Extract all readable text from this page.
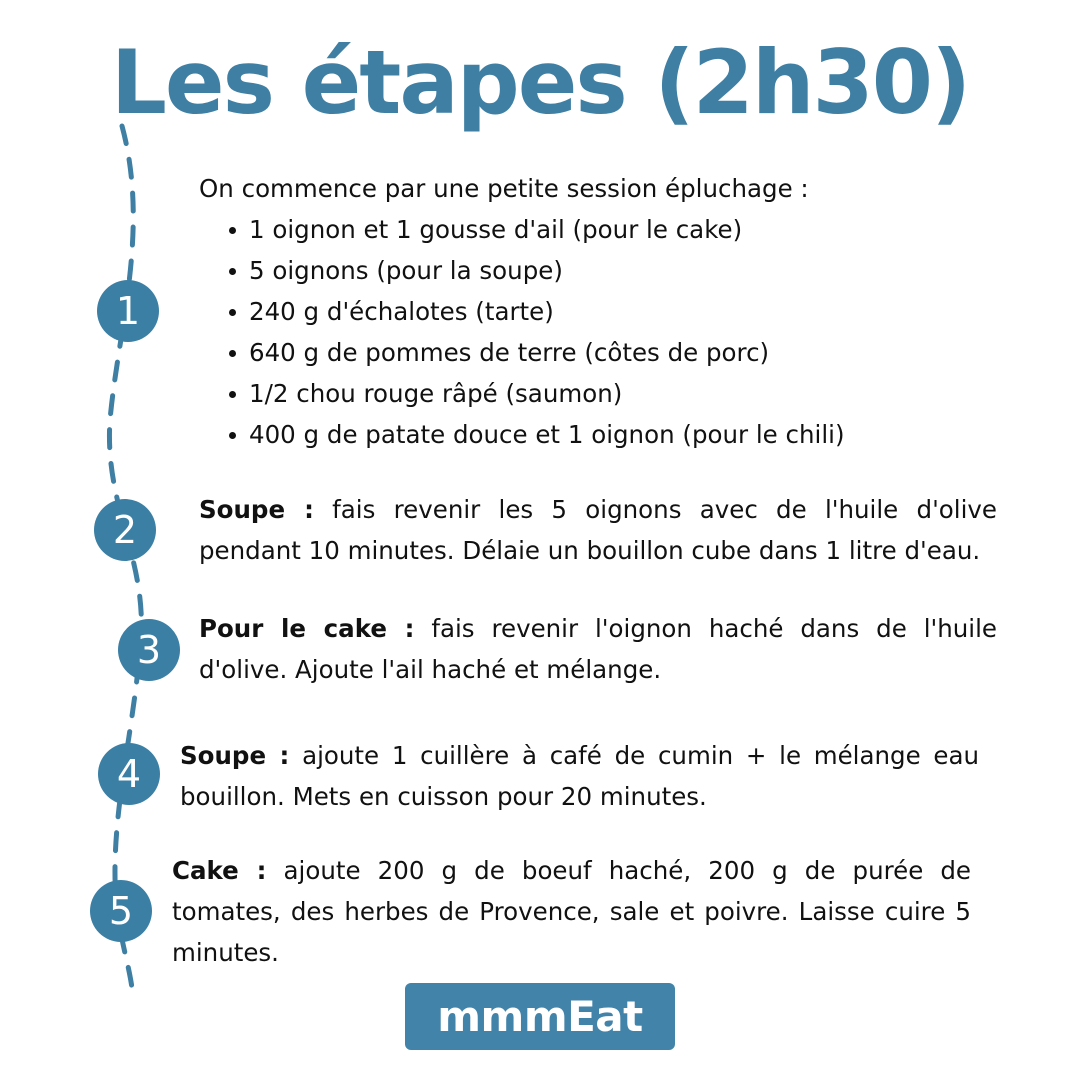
Les étapes (2h30)
1
2
3
4
5
On commence par une petite session épluchage :
1 oignon et 1 gousse d'ail (pour le cake)
5 oignons (pour la soupe)
240 g d'échalotes (tarte)
640 g de pommes de terre (côtes de porc)
1/2 chou rouge râpé (saumon)
400 g de patate douce et 1 oignon (pour le chili)

Soupe : fais revenir les 5 oignons avec de l'huile d'olive pendant 10 minutes. Délaie un bouillon cube dans 1 litre d'eau.

Pour le cake : fais revenir l'oignon haché dans de l'huile d'olive. Ajoute l'ail haché et mélange.

Soupe : ajoute 1 cuillère à café de cumin + le mélange eau bouillon. Mets en cuisson pour 20 minutes.

Cake : ajoute 200 g de boeuf haché, 200 g de purée de tomates, des herbes de Provence, sale et poivre. Laisse cuire 5 minutes.

mmmEat
